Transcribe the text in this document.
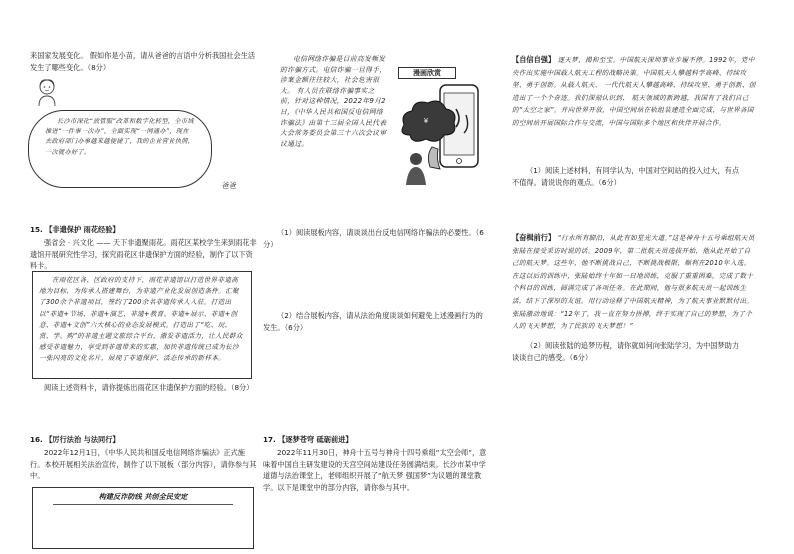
来国家发展变化。 假如你是小苗，请从爸爸的言语中分析我国社会生活发生了哪些变化。（8分）
长沙市深化“放管服”改革和数字化转型，全市域推进“一件事一次办”，全面实现“一网通办”，现在去政府部门办事越来越便捷了，我的企业营业执照，一次就办好了。
爸爸
15. 【非遗保护 雨花经验】
强省会 · 兴文化 —— 天下非遗聚雨花。雨花区某校学生来到雨花非遗馆开展研究性学习，探究雨花区非遗保护方面的经验，制作了以下资料卡。
在雨花区各、区政府的支持下，雨花非遗馆以打造世界非遗高地为目标，为传承人搭建舞台，为非遗产业化发展创造条件。汇聚了300余个非遗项目，签约了200余名非遗传承人入驻。打造出以“非遗+节场、非遗+演艺、非遗+教育、非遗+展示、非遗+创意、非遗+文创”六大核心的业态发展模式。打造出了“吃、玩、赏、学、购”的非遗主题文旅综合平台，激发非遗活力，让人民群众感受非遗魅力，享受到非遗带来的实惠，加快非遗传统已成为长沙一张闪亮的文化名片，展现了非遗保护、活态传承的新样本。
阅读上述资料卡，请你提炼出雨花区非遗保护方面的经验。（8分）
16. 【厉行法治 与法同行】
2022年12月1日，《中华人民共和国反电信网络诈骗法》正式施行。本校开展相关法治宣传，制作了以下展板（部分内容），请你参与其中。
构建反诈防线 共创全民安定
电信网络诈骗是目前高发频发的诈骗方式。电信诈骗一旦得手，涉案金额往往较大，社会危害很大。 有人员在联络诈骗事实之前，针对这种情况，2022年9月2日，《中华人民共和国反电信网络诈骗法》由第十三届全国人民代表大会常务委员会第三十六次会议审议通过。
漫画欣赏
¥
（1）阅读展板内容，请谈谈出台反电信网络诈骗法的必要性。（6分）
（2）结合展板内容，请从法治角度谈谈如何避免上述漫画行为的发生。（6分）
17. 【逐梦苍穹 砥砺前进】
2022年11月30日，神舟十五号与神舟十四号乘组“太空会师”，意味着中国自主研发建设的天宫空间站建设任务圆满结束。长沙市某中学道德与法治课堂上，老师组织开展了“航天梦 强国梦”为议题的课堂教学。以下是课堂中的部分内容，请你参与其中。
【自信自强】 逐天梦，揭和至宝。中国航天深圳事业步履不停。1992年，党中央作出实施中国载人航天工程的战略决策。中国航天人攀越科学高峰、持续攻坚、勇于创新。从载人航天、 一代代航天人攀越高峰、持续攻坚、勇于创新、创造出了一个个奇迹。我们深刻认识到、 航天领域的新跨越，我国有了我们自己的“太空之家”。并向世界开放，中国空间站在轨组装建造全面完成，与世界各国的空间站开展国际合作与交流，中国与国际多个地区和伙伴开展合作。
（1）阅读上述材料，有同学认为，中国对空间站的投入过大，有点不值得。请说说你的观点。（6分）
【奋楫前行】 “行水所有脚沿，从此有如星光大道。”这是神舟十五号乘组航天员张陆在接受采访时说的话。2009年，第二批航天员选拔开始，他从此开始了自己的航天梦。这些年，他不断挑战自己，不断挑战极限，顺利在2010年入选。在这以后的训练中，张陆始终十年如一日地训练，克服了重重困难，完成了数十个科目的训练，圆满完成了各项任务。在此期间，他与很多航天员一起训练生活，结下了深厚的友谊。用行动诠释了中国航天精神，为了航天事业默默付出。张陆激动地说：“12年了，我一直在努力拼搏，终于实现了自己的梦想，为了个人的飞天梦想，为了民族的飞天梦想！”
（2）阅读张陆的追梦历程，请你就如何向张陆学习，为中国梦助力谈谈自己的感受。（6分）
